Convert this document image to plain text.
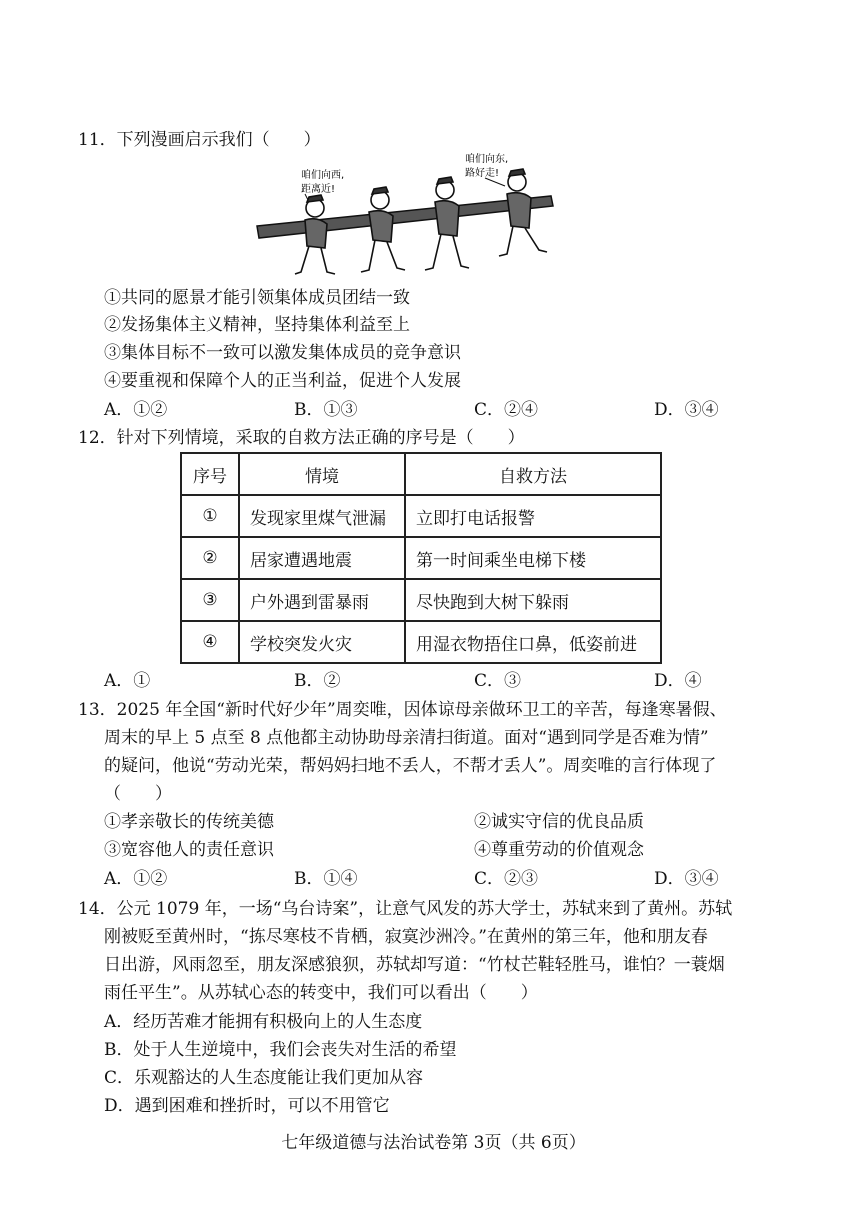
11．下列漫画启示我们（　　）
咱们向西,
距离近!
咱们向东,
路好走!
①共同的愿景才能引领集体成员团结一致
②发扬集体主义精神，坚持集体利益至上
③集体目标不一致可以激发集体成员的竞争意识
④要重视和保障个人的正当利益，促进个人发展
A．①②	B．①③	C．②④	D．③④
12．针对下列情境，采取的自救方法正确的序号是（　　）
序号	情境	自救方法
①	发现家里煤气泄漏	立即打电话报警
②	居家遭遇地震	第一时间乘坐电梯下楼
③	户外遇到雷暴雨	尽快跑到大树下躲雨
④	学校突发火灾	用湿衣物捂住口鼻，低姿前进
A．①	B．②	C．③	D．④
13．2025 年全国“新时代好少年”周奕唯，因体谅母亲做环卫工的辛苦，每逢寒暑假、
周末的早上 5 点至 8 点他都主动协助母亲清扫街道。面对“遇到同学是否难为情”
的疑问，他说“劳动光荣，帮妈妈扫地不丢人，不帮才丢人”。周奕唯的言行体现了
（　　）
①孝亲敬长的传统美德	②诚实守信的优良品质
③宽容他人的责任意识	④尊重劳动的价值观念
A．①②	B．①④	C．②③	D．③④
14．公元 1079 年，一场“乌台诗案”，让意气风发的苏大学士，苏轼来到了黄州。苏轼
刚被贬至黄州时，“拣尽寒枝不肯栖，寂寞沙洲冷。”在黄州的第三年，他和朋友春
日出游，风雨忽至，朋友深感狼狈，苏轼却写道：“竹杖芒鞋轻胜马，谁怕？一蓑烟
雨任平生”。从苏轼心态的转变中，我们可以看出（　　）
A．经历苦难才能拥有积极向上的人生态度
B．处于人生逆境中，我们会丧失对生活的希望
C．乐观豁达的人生态度能让我们更加从容
D．遇到困难和挫折时，可以不用管它
七年级道德与法治试卷第 3页（共 6页）
